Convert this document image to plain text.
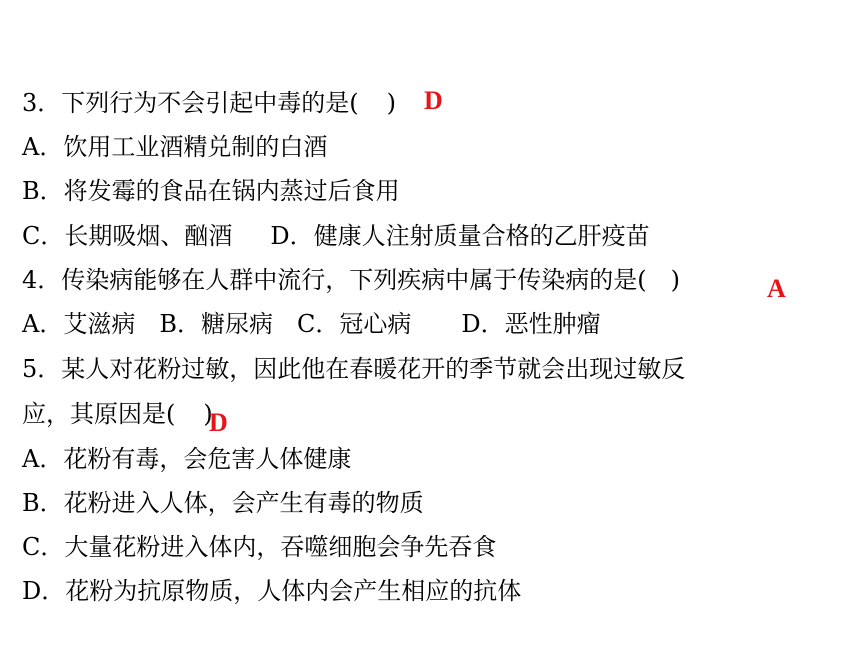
3．下列行为不会引起中毒的是( ) D
A．饮用工业酒精兑制的白酒
B．将发霉的食品在锅内蒸过后食用
C．长期吸烟、酗酒 D．健康人注射质量合格的乙肝疫苗
4．传染病能够在人群中流行，下列疾病中属于传染病的是( )	A
A．艾滋病 B．糖尿病 C．冠心病 D．恶性肿瘤
5．某人对花粉过敏，因此他在春暖花开的季节就会出现过敏反
应，其原因是( )
D
A．花粉有毒，会危害人体健康
B．花粉进入人体，会产生有毒的物质
C．大量花粉进入体内，吞噬细胞会争先吞食
D．花粉为抗原物质，人体内会产生相应的抗体
